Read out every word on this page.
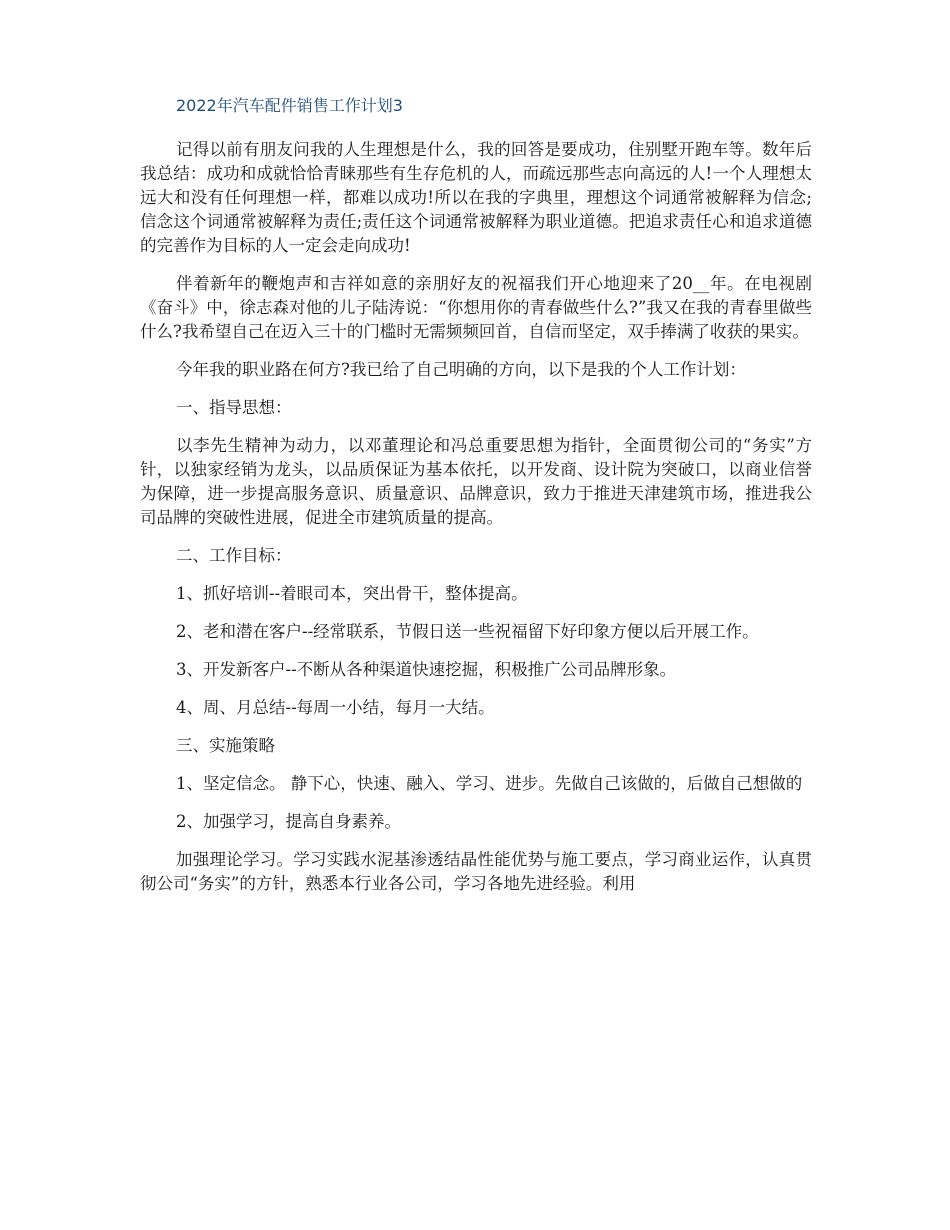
2022年汽车配件销售工作计划3

记得以前有朋友问我的人生理想是什么，我的回答是要成功，住别墅开跑车等。数年后我总结：成功和成就恰恰青睐那些有生存危机的人，而疏远那些志向高远的人!一个人理想太远大和没有任何理想一样，都难以成功!所以在我的字典里，理想这个词通常被解释为信念;信念这个词通常被解释为责任;责任这个词通常被解释为职业道德。把追求责任心和追求道德的完善作为目标的人一定会走向成功!

伴着新年的鞭炮声和吉祥如意的亲朋好友的祝福我们开心地迎来了20__年。在电视剧《奋斗》中，徐志森对他的儿子陆涛说：“你想用你的青春做些什么?”我又在我的青春里做些什么?我希望自己在迈入三十的门槛时无需频频回首，自信而坚定，双手捧满了收获的果实。

今年我的职业路在何方?我已给了自己明确的方向，以下是我的个人工作计划：

一、指导思想：

以李先生精神为动力，以邓董理论和冯总重要思想为指针，全面贯彻公司的“务实”方针，以独家经销为龙头，以品质保证为基本依托，以开发商、设计院为突破口，以商业信誉为保障，进一步提高服务意识、质量意识、品牌意识，致力于推进天津建筑市场，推进我公司品牌的突破性进展，促进全市建筑质量的提高。

二、工作目标：

1、抓好培训--着眼司本，突出骨干，整体提高。

2、老和潜在客户--经常联系，节假日送一些祝福留下好印象方便以后开展工作。

3、开发新客户--不断从各种渠道快速挖掘，积极推广公司品牌形象。

4、周、月总结--每周一小结，每月一大结。

三、实施策略

1、坚定信念。 静下心，快速、融入、学习、进步。先做自己该做的，后做自己想做的

2、加强学习，提高自身素养。

加强理论学习。学习实践水泥基渗透结晶性能优势与施工要点，学习商业运作，认真贯彻公司“务实”的方针，熟悉本行业各公司，学习各地先进经验。利用
